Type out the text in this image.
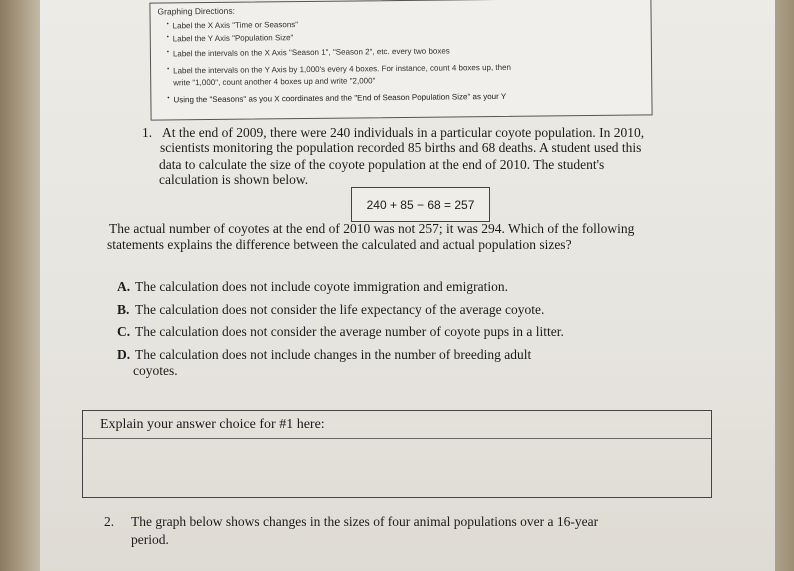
Graphing Directions:
• Label the X Axis "Time or Seasons"
• Label the Y Axis "Population Size"
• Label the intervals on the X Axis "Season 1", "Season 2", etc. every two boxes
• Label the intervals on the Y Axis by 1,000's every 4 boxes. For instance, count 4 boxes up, then
write "1,000", count another 4 boxes up and write "2,000"
• Using the "Seasons" as you X coordinates and the "End of Season Population Size" as your Y
1. At the end of 2009, there were 240 individuals in a particular coyote population. In 2010,
scientists monitoring the population recorded 85 births and 68 deaths. A student used this
data to calculate the size of the coyote population at the end of 2010. The student's
calculation is shown below.
240 + 85 − 68 = 257
The actual number of coyotes at the end of 2010 was not 257; it was 294. Which of the following
statements explains the difference between the calculated and actual population sizes?
A. The calculation does not include coyote immigration and emigration.
B. The calculation does not consider the life expectancy of the average coyote.
C. The calculation does not consider the average number of coyote pups in a litter.
D. The calculation does not include changes in the number of breeding adult
coyotes.
Explain your answer choice for #1 here:
2. The graph below shows changes in the sizes of four animal populations over a 16-year
period.
